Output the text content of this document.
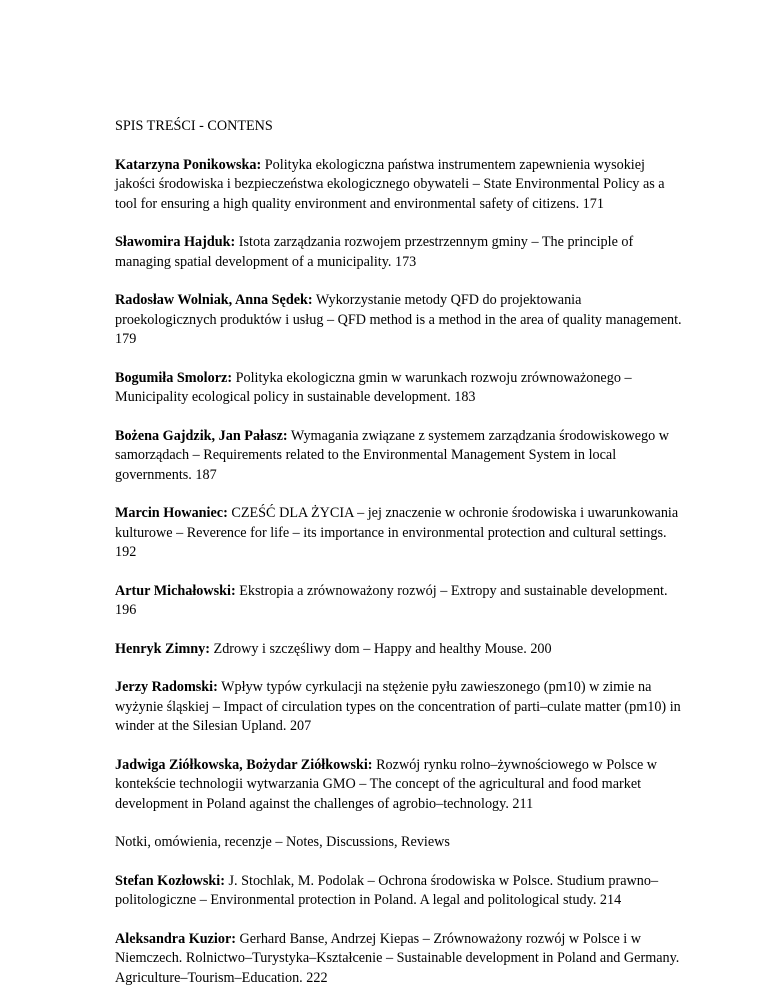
SPIS TREŚCI - CONTENS

Katarzyna Ponikowska: Polityka ekologiczna państwa instrumentem zapewnienia wysokiej jakości środowiska i bezpieczeństwa ekologicznego obywateli – State Environmental Policy as a tool for ensuring a high quality environment and environmental safety of citizens. 171

Sławomira Hajduk: Istota zarządzania rozwojem przestrzennym gminy – The principle of managing spatial development of a municipality. 173

Radosław Wolniak, Anna Sędek: Wykorzystanie metody QFD do projektowania proekologicznych produktów i usług – QFD method is a method in the area of quality management. 179

Bogumiła Smolorz: Polityka ekologiczna gmin w warunkach rozwoju zrównoważonego – Municipality ecological policy in sustainable development. 183

Bożena Gajdzik, Jan Pałasz: Wymagania związane z systemem zarządzania środowiskowego w samorządach – Requirements related to the Environmental Management System in local governments. 187

Marcin Howaniec: CZEŚĆ DLA ŻYCIA – jej znaczenie w ochronie środowiska i uwarunkowania kulturowe – Reverence for life – its importance in environmental protection and cultural settings. 192

Artur Michałowski: Ekstropia a zrównoważony rozwój – Extropy and sustainable development. 196

Henryk Zimny: Zdrowy i szczęśliwy dom – Happy and healthy Mouse. 200

Jerzy Radomski: Wpływ typów cyrkulacji na stężenie pyłu zawieszonego (pm10) w zimie na wyżynie śląskiej – Impact of circulation types on the concentration of parti–culate matter (pm10) in winder at the Silesian Upland. 207

Jadwiga Ziółkowska, Bożydar Ziółkowski: Rozwój rynku rolno–żywnościowego w Polsce w kontekście technologii wytwarzania GMO – The concept of the agricultural and food market development in Poland against the challenges of agrobio–technology. 211

Notki, omówienia, recenzje – Notes, Discussions, Reviews

Stefan Kozłowski: J. Stochlak, M. Podolak – Ochrona środowiska w Polsce. Studium prawno–politologiczne – Environmental protection in Poland. A legal and politological study. 214

Aleksandra Kuzior: Gerhard Banse, Andrzej Kiepas – Zrównoważony rozwój w Polsce i w Niemczech. Rolnictwo–Turystyka–Kształcenie – Sustainable development in Poland and Germany. Agriculture–Tourism–Education. 222
